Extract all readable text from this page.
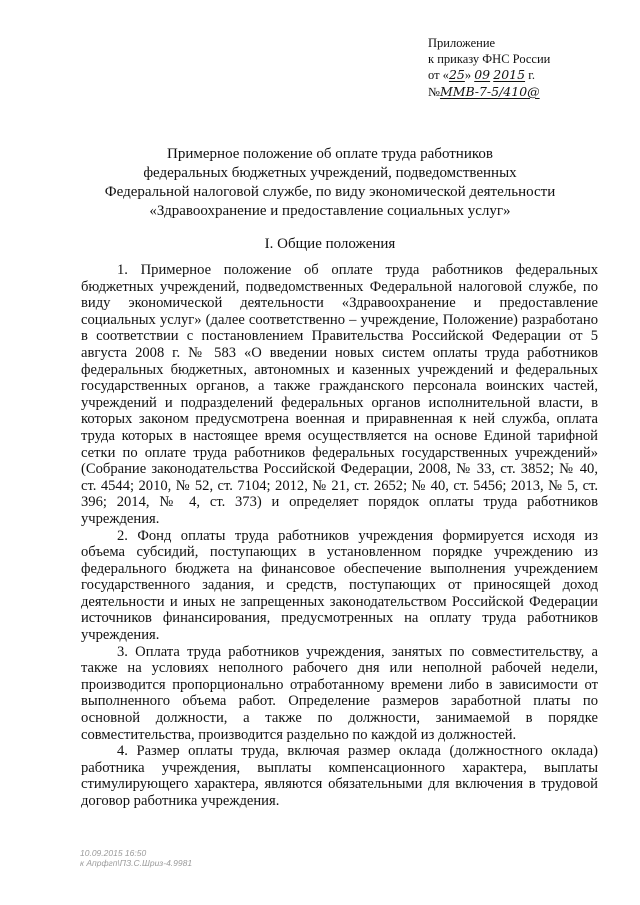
Приложение
к приказу ФНС России
от «25» 09 2015 г.
№ММВ-7-5/410@
Примерное положение об оплате труда работников
федеральных бюджетных учреждений, подведомственных
Федеральной налоговой службе, по виду экономической деятельности
«Здравоохранение и предоставление социальных услуг»
I. Общие положения

1. Примерное положение об оплате труда работников федеральных бюджетных учреждений, подведомственных Федеральной налоговой службе, по виду экономической деятельности «Здравоохранение и предоставление социальных услуг» (далее соответственно – учреждение, Положение) разработано в соответствии с постановлением Правительства Российской Федерации от 5 августа 2008 г. № 583 «О введении новых систем оплаты труда работников федеральных бюджетных, автономных и казенных учреждений и федеральных государственных органов, а также гражданского персонала воинских частей, учреждений и подразделений федеральных органов исполнительной власти, в которых законом предусмотрена военная и приравненная к ней служба, оплата труда которых в настоящее время осуществляется на основе Единой тарифной сетки по оплате труда работников федеральных государственных учреждений» (Собрание законодательства Российской Федерации, 2008, № 33, ст. 3852; № 40, ст. 4544; 2010, № 52, ст. 7104; 2012, № 21, ст. 2652; № 40, ст. 5456; 2013, № 5, ст. 396; 2014, № 4, ст. 373) и определяет порядок оплаты труда работников учреждения.

2. Фонд оплаты труда работников учреждения формируется исходя из объема субсидий, поступающих в установленном порядке учреждению из федерального бюджета на финансовое обеспечение выполнения учреждением государственного задания, и средств, поступающих от приносящей доход деятельности и иных не запрещенных законодательством Российской Федерации источников финансирования, предусмотренных на оплату труда работников учреждения.

3. Оплата труда работников учреждения, занятых по совместительству, а также на условиях неполного рабочего дня или неполной рабочей недели, производится пропорционально отработанному времени либо в зависимости от выполненного объема работ. Определение размеров заработной платы по основной должности, а также по должности, занимаемой в порядке совместительства, производится раздельно по каждой из должностей.

4. Размер оплаты труда, включая размер оклада (должностного оклада) работника учреждения, выплаты компенсационного характера, выплаты стимулирующего характера, являются обязательными для включения в трудовой договор работника учреждения.

10.09.2015 16:50
к Апрфгп\ПЗ.С.Шриз-4.9981
